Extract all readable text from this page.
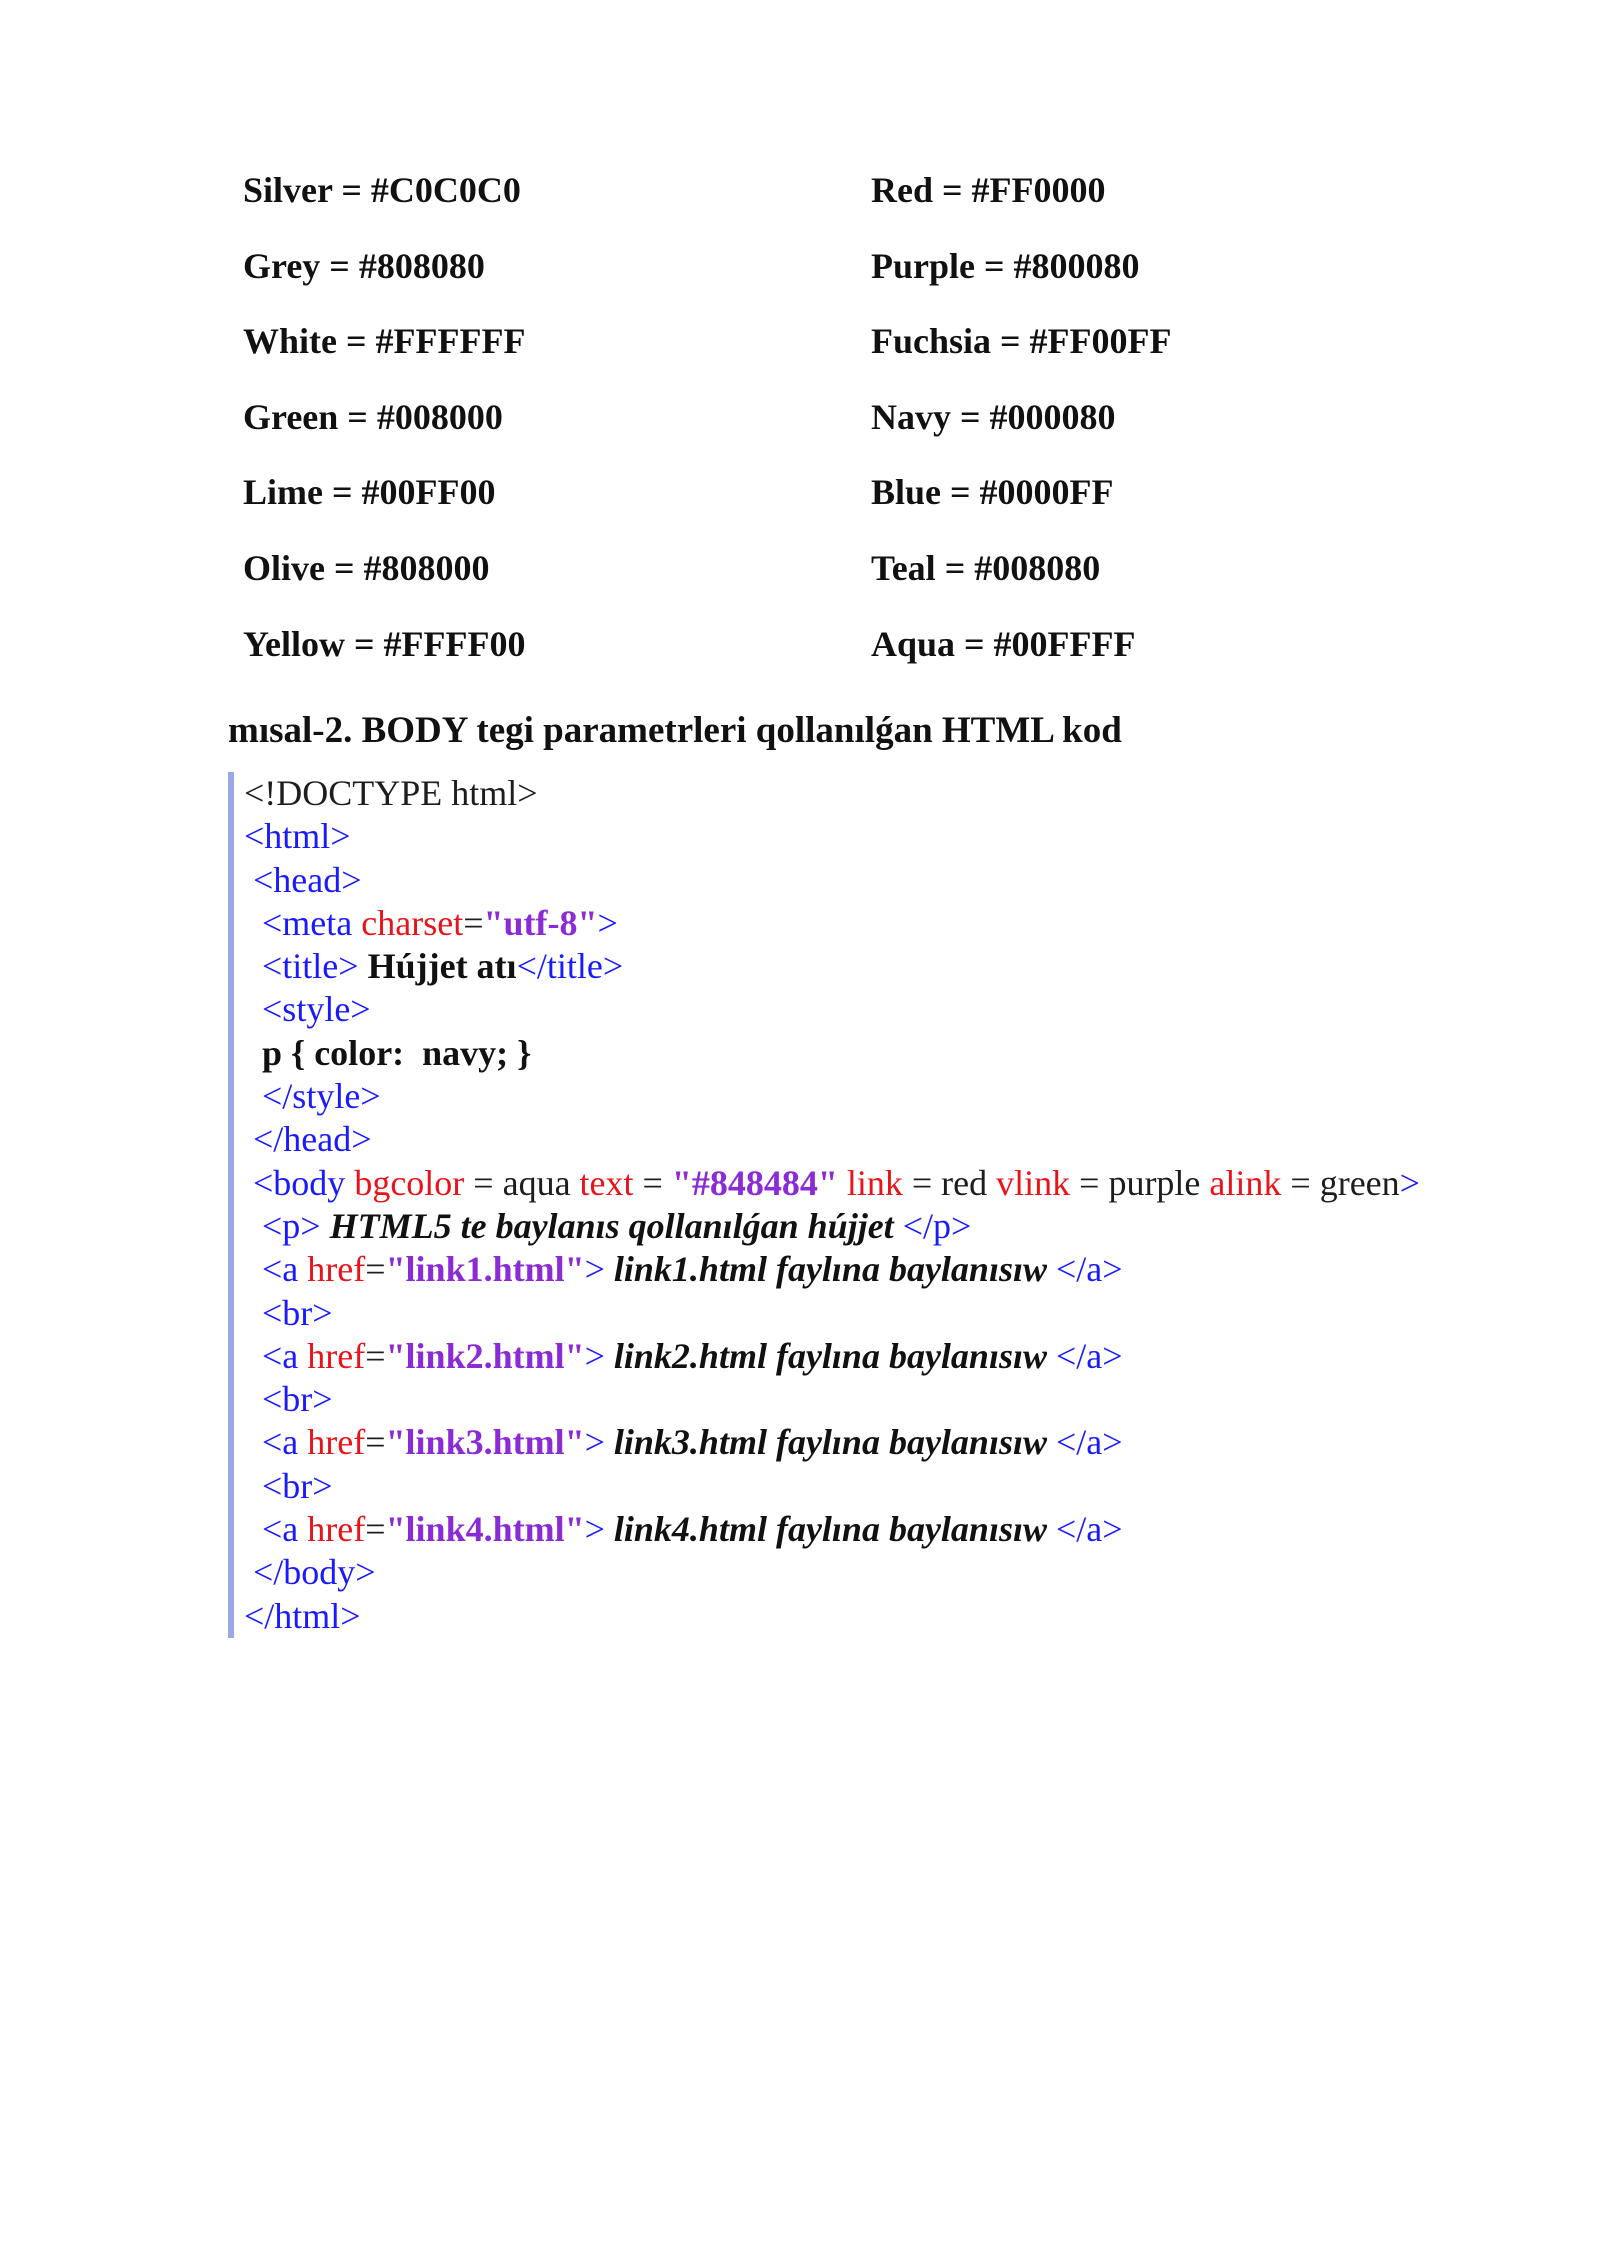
Silver = #C0C0C0	Red = #FF0000
Grey = #808080	Purple = #800080
White = #FFFFFF	Fuchsia = #FF00FF
Green = #008000	Navy = #000080
Lime = #00FF00	Blue = #0000FF
Olive = #808000	Teal = #008080
Yellow = #FFFF00	Aqua = #00FFFF
mısal-2. BODY tegi parametrleri qollanılǵan HTML kod
<!DOCTYPE html>
<html>
<head>
<meta charset="utf-8">
<title> Hújjet atı</title>
<style>
p { color:  navy; }
</style>
</head>
<body bgcolor = aqua text = "#848484" link = red vlink = purple alink = green>
<p> HTML5 te baylanıs qollanılǵan hújjet </p>
<a href="link1.html"> link1.html faylına baylanısıw </a>
<br>
<a href="link2.html"> link2.html faylına baylanısıw </a>
<br>
<a href="link3.html"> link3.html faylına baylanısıw </a>
<br>
<a href="link4.html"> link4.html faylına baylanısıw </a>
</body>
</html>
